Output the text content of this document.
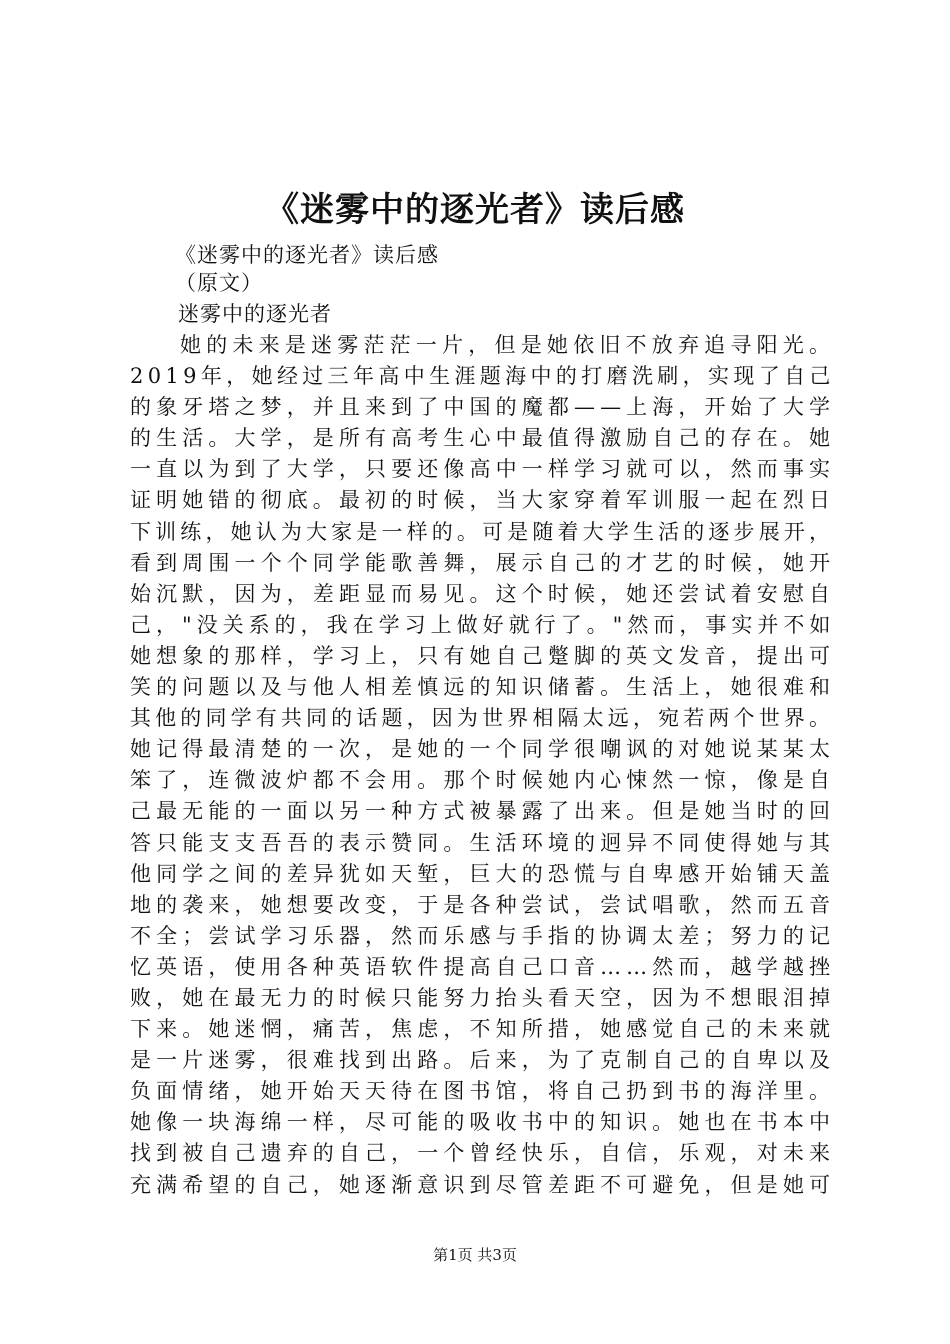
《迷雾中的逐光者》读后感
《迷雾中的逐光者》读后感
（原文）
迷雾中的逐光者
她的未来是迷雾茫茫一片，但是她依旧不放弃追寻阳光。
2019年，她经过三年高中生涯题海中的打磨洗刷，实现了自己
的象牙塔之梦，并且来到了中国的魔都——上海，开始了大学
的生活。大学，是所有高考生心中最值得激励自己的存在。她
一直以为到了大学，只要还像高中一样学习就可以，然而事实
证明她错的彻底。最初的时候，当大家穿着军训服一起在烈日
下训练，她认为大家是一样的。可是随着大学生活的逐步展开，
看到周围一个个同学能歌善舞，展示自己的才艺的时候，她开
始沉默，因为，差距显而易见。这个时候，她还尝试着安慰自
己，"没关系的，我在学习上做好就行了。"然而，事实并不如
她想象的那样，学习上，只有她自己蹩脚的英文发音，提出可
笑的问题以及与他人相差慎远的知识储蓄。生活上，她很难和
其他的同学有共同的话题，因为世界相隔太远，宛若两个世界。
她记得最清楚的一次，是她的一个同学很嘲讽的对她说某某太
笨了，连微波炉都不会用。那个时候她内心悚然一惊，像是自
己最无能的一面以另一种方式被暴露了出来。但是她当时的回
答只能支支吾吾的表示赞同。生活环境的迥异不同使得她与其
他同学之间的差异犹如天堑，巨大的恐慌与自卑感开始铺天盖
地的袭来，她想要改变，于是各种尝试，尝试唱歌，然而五音
不全；尝试学习乐器，然而乐感与手指的协调太差；努力的记
忆英语，使用各种英语软件提高自己口音……然而，越学越挫
败，她在最无力的时候只能努力抬头看天空，因为不想眼泪掉
下来。她迷惘，痛苦，焦虑，不知所措，她感觉自己的未来就
是一片迷雾，很难找到出路。后来，为了克制自己的自卑以及
负面情绪，她开始天天待在图书馆，将自己扔到书的海洋里。
她像一块海绵一样，尽可能的吸收书中的知识。她也在书本中
找到被自己遗弃的自己，一个曾经快乐，自信，乐观，对未来
充满希望的自己，她逐渐意识到尽管差距不可避免，但是她可
第1页 共3页
